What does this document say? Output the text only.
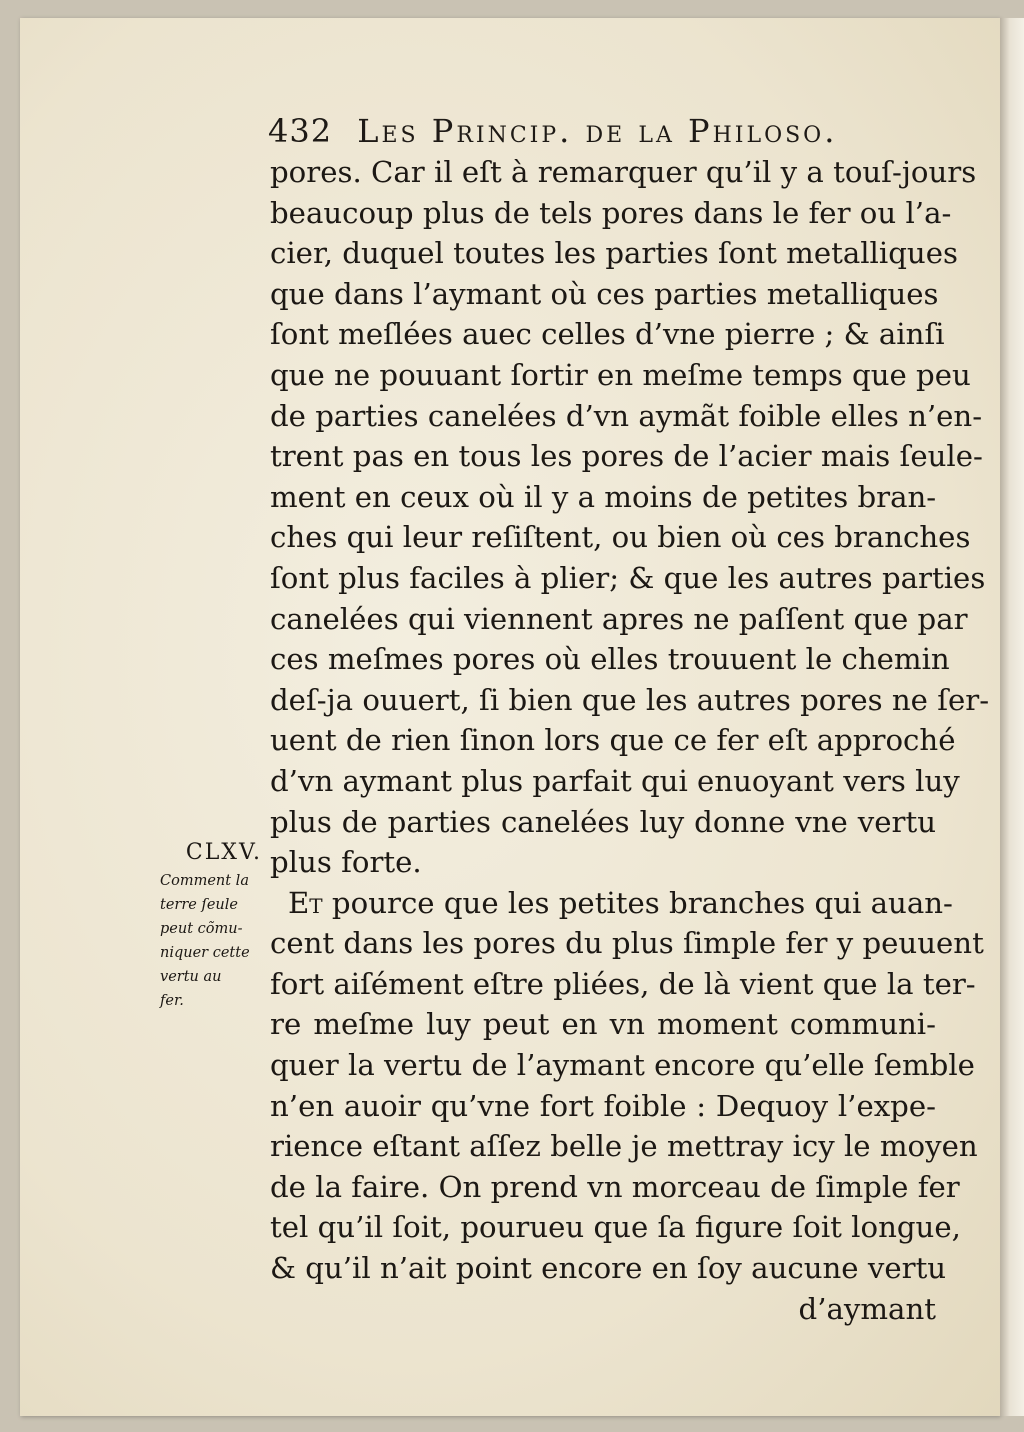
432 Les Princip. de la Philoso.
pores. Car il eſt à remarquer qu’il y a touſ-jours
beaucoup plus de tels pores dans le fer ou l’a-
cier, duquel toutes les parties ſont metalliques
que dans l’aymant où ces parties metalliques
ſont meſlées auec celles d’vne pierre ; & ainſi
que ne pouuant ſortir en meſme temps que peu
de parties canelées d’vn aymãt foible elles n’en-
trent pas en tous les pores de l’acier mais ſeule-
ment en ceux où il y a moins de petites bran-
ches qui leur reſiſtent, ou bien où ces branches
ſont plus faciles à plier; & que les autres parties
canelées qui viennent apres ne paſſent que par
ces meſmes pores où elles trouuent le chemin
deſ-ja ouuert, ſi bien que les autres pores ne ſer-
uent de rien ſinon lors que ce fer eſt approché
d’vn aymant plus parfait qui enuoyant vers luy
plus de parties canelées luy donne vne vertu
plus forte.
Et pource que les petites branches qui auan-
cent dans les pores du plus ſimple fer y peuuent
fort aiſément eſtre pliées, de là vient que la ter-
re meſme luy peut en vn moment communi-
quer la vertu de l’aymant encore qu’elle ſemble
n’en auoir qu’vne fort foible : Dequoy l’expe-
rience eſtant aſſez belle je mettray icy le moyen
de la faire. On prend vn morceau de ſimple fer
tel qu’il ſoit, pourueu que ſa figure ſoit longue,
& qu’il n’ait point encore en ſoy aucune vertu
d’aymant
CLXV.
Comment la
terre ſeule
peut cõmu-
niquer cette
vertu au
fer.
